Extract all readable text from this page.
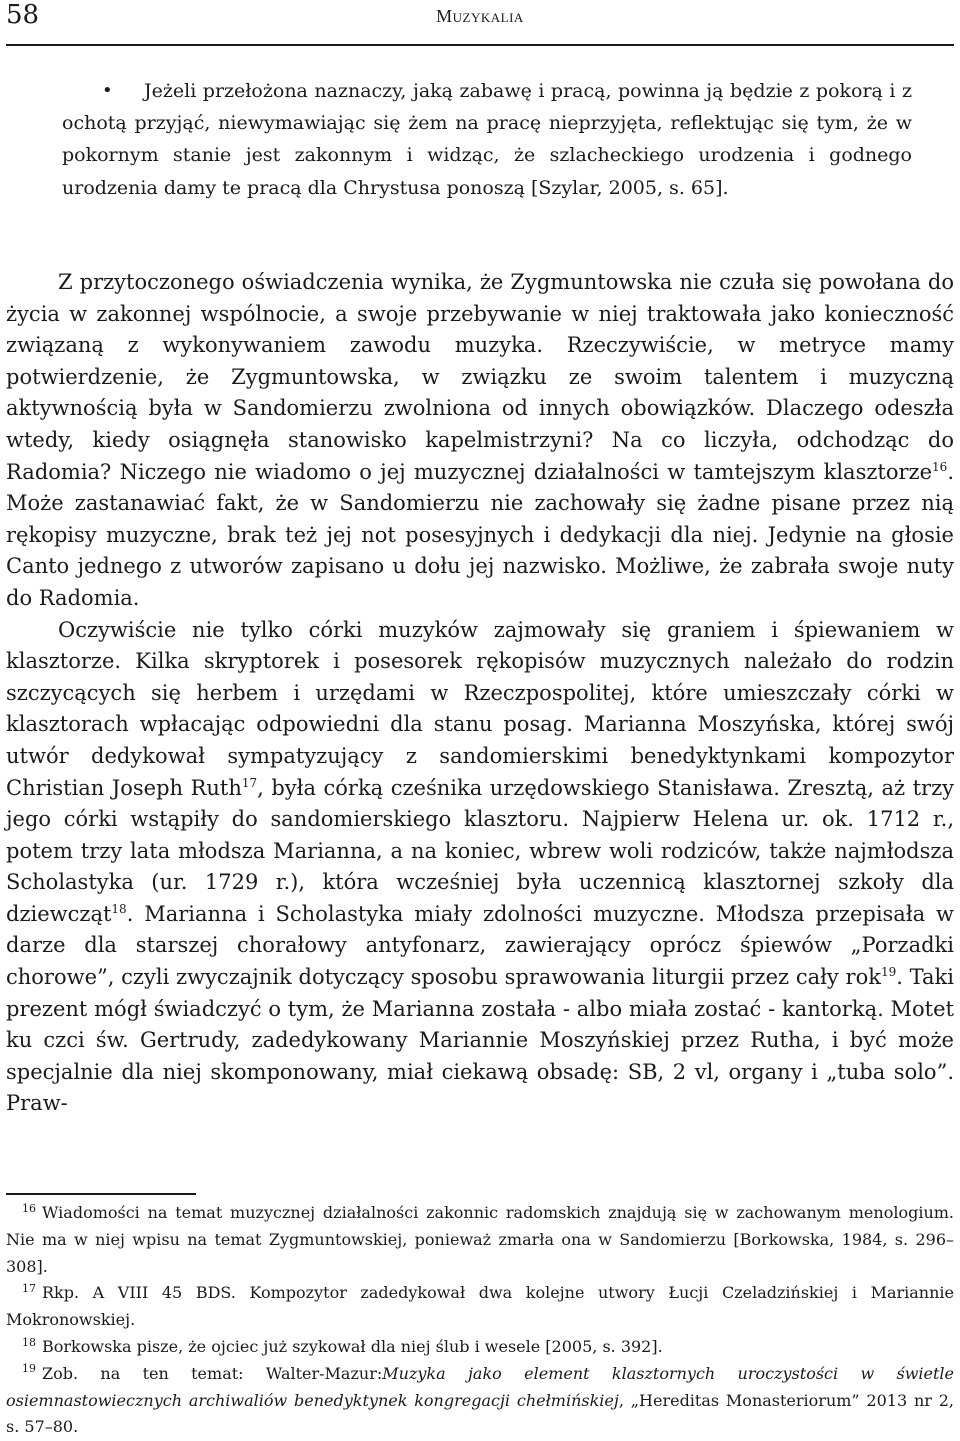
58	Muzykalia
•	Jeżeli przełożona naznaczy, jaką zabawę i pracą, powinna ją będzie z pokorą i z ochotą przyjąć, niewymawiając się żem na pracę nieprzyjęta, reflektując się tym, że w pokornym stanie jest zakonnym i widząc, że szlacheckiego urodzenia i godnego urodzenia damy te pracą dla Chrystusa ponoszą [Szylar, 2005, s. 65].

Z przytoczonego oświadczenia wynika, że Zygmuntowska nie czuła się powołana do życia w zakonnej wspólnocie, a swoje przebywanie w niej traktowała jako konieczność związaną z wykonywaniem zawodu muzyka. Rzeczywiście, w metryce mamy potwierdzenie, że Zygmuntowska, w związku ze swoim talentem i muzyczną aktywnością była w Sandomierzu zwolniona od innych obowiązków. Dlaczego odeszła wtedy, kiedy osiągnęła stanowisko kapelmistrzyni? Na co liczyła, odchodząc do Radomia? Niczego nie wiadomo o jej muzycznej działalności w tamtejszym klasztorze$^{16}$. Może zastanawiać fakt, że w Sandomierzu nie zachowały się żadne pisane przez nią rękopisy muzyczne, brak też jej not posesyjnych i dedykacji dla niej. Jedynie na głosie Canto jednego z utworów zapisano u dołu jej nazwisko. Możliwe, że zabrała swoje nuty do Radomia.

Oczywiście nie tylko córki muzyków zajmowały się graniem i śpiewaniem w klasztorze. Kilka skryptorek i posesorek rękopisów muzycznych należało do rodzin szczycących się herbem i urzędami w Rzeczpospolitej, które umieszczały córki w klasztorach wpłacając odpowiedni dla stanu posag. Marianna Moszyńska, której swój utwór dedykował sympatyzujący z sandomierskimi benedyktynkami kompozytor Christian Joseph Ruth$^{17}$, była córką cześnika urzędowskiego Stanisława. Zresztą, aż trzy jego córki wstąpiły do sandomierskiego klasztoru. Najpierw Helena ur. ok. 1712 r., potem trzy lata młodsza Marianna, a na koniec, wbrew woli rodziców, także najmłodsza Scholastyka (ur. 1729 r.), która wcześniej była uczennicą klasztornej szkoły dla dziewcząt$^{18}$. Marianna i Scholastyka miały zdolności muzyczne. Młodsza przepisała w darze dla starszej chorałowy antyfonarz, zawierający oprócz śpiewów „Porzadki chorowe”, czyli zwyczajnik dotyczący sposobu sprawowania liturgii przez cały rok$^{19}$. Taki prezent mógł świadczyć o tym, że Marianna została - albo miała zostać - kantorką. Motet ku czci św. Gertrudy, zadedykowany Mariannie Moszyńskiej przez Rutha, i być może specjalnie dla niej skomponowany, miał ciekawą obsadę: SB, 2 vl, organy i „tuba solo”. Praw-

$^{16}$ Wiadomości na temat muzycznej działalności zakonnic radomskich znajdują się w zachowanym menologium. Nie ma w niej wpisu na temat Zygmuntowskiej, ponieważ zmarła ona w Sandomierzu [Borkowska, 1984, s. 296–308].

$^{17}$ Rkp. A VIII 45 BDS. Kompozytor zadedykował dwa kolejne utwory Łucji Czeladzińskiej i Mariannie Mokronowskiej.

$^{18}$ Borkowska pisze, że ojciec już szykował dla niej ślub i wesele [2005, s. 392].

$^{19}$ Zob. na ten temat: Walter-Mazur:Muzyka jako element klasztornych uroczystości w świetle osiemnastowiecznych archiwaliów benedyktynek kongregacji chełmińskiej, „Hereditas Monasteriorum” 2013 nr 2, s. 57–80.
